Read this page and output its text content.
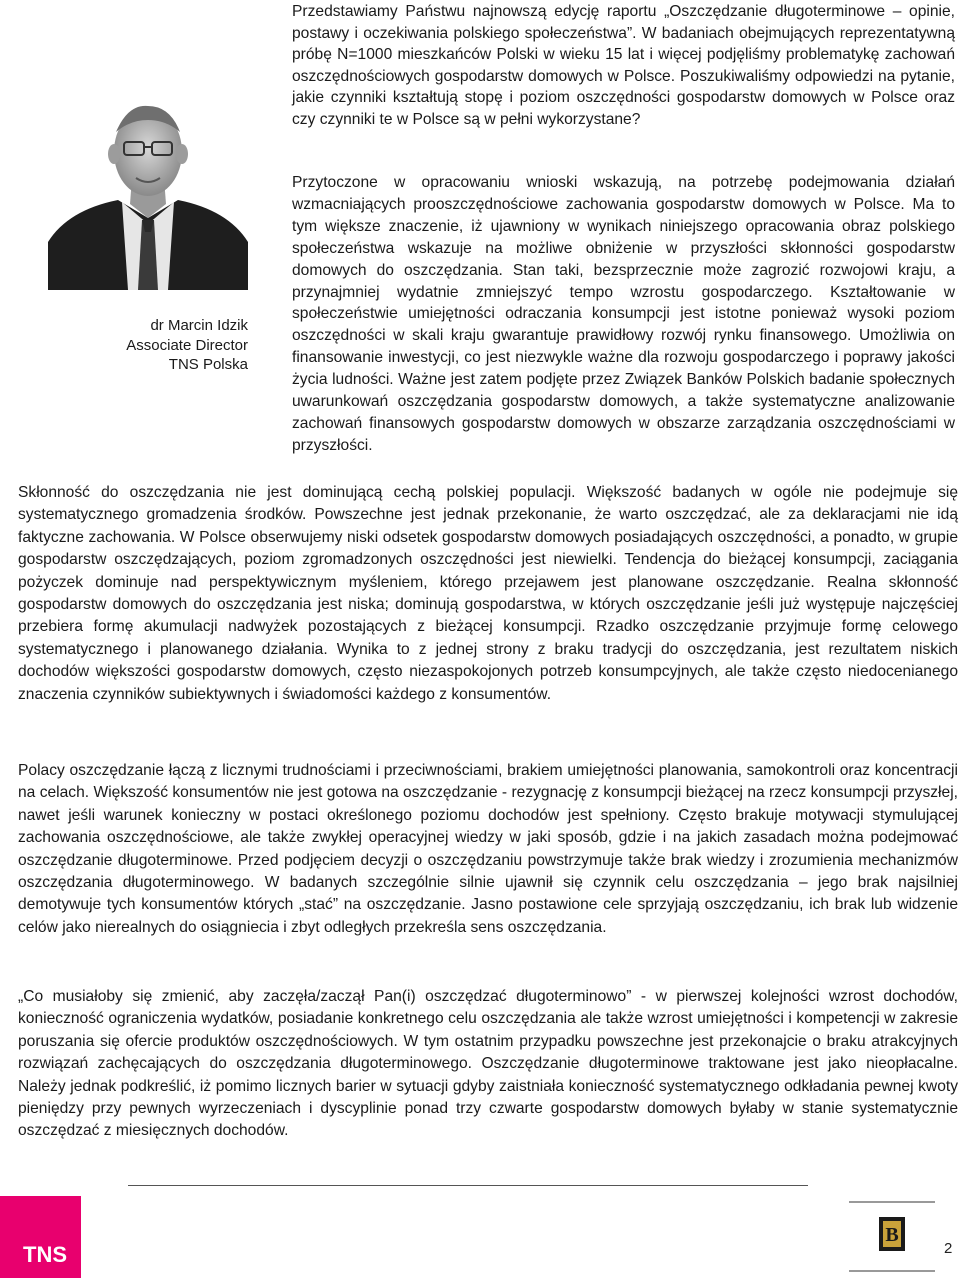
dr Marcin Idzik
Associate Director
TNS Polska
Przedstawiamy Państwu najnowszą edycję raportu „Oszczędzanie długoterminowe – opinie, postawy i oczekiwania polskiego społeczeństwa”. W badaniach obejmujących reprezentatywną próbę N=1000 mieszkańców Polski w wieku 15 lat i więcej podjęliśmy problematykę zachowań oszczędnościowych gospodarstw domowych w Polsce. Poszukiwaliśmy odpowiedzi na pytanie, jakie czynniki kształtują stopę i poziom oszczędności gospodarstw domowych w Polsce oraz czy czynniki te w Polsce są w pełni wykorzystane?
Przytoczone w opracowaniu wnioski wskazują, na potrzebę podejmowania działań wzmacniających prooszczędnościowe zachowania gospodarstw domowych w Polsce. Ma to tym większe znaczenie, iż ujawniony w wynikach niniejszego opracowania obraz polskiego społeczeństwa wskazuje na możliwe obniżenie w przyszłości skłonności gospodarstw domowych do oszczędzania. Stan taki, bezsprzecznie może zagrozić rozwojowi kraju, a przynajmniej wydatnie zmniejszyć tempo wzrostu gospodarczego. Kształtowanie w społeczeństwie umiejętności odraczania konsumpcji jest istotne ponieważ wysoki poziom oszczędności w skali kraju gwarantuje prawidłowy rozwój rynku finansowego. Umożliwia on finansowanie inwestycji, co jest niezwykle ważne dla rozwoju gospodarczego i poprawy jakości życia ludności. Ważne jest zatem podjęte przez Związek Banków Polskich badanie społecznych uwarunkowań oszczędzania gospodarstw domowych, a także systematyczne analizowanie zachowań finansowych gospodarstw domowych w obszarze zarządzania oszczędnościami w przyszłości.
Skłonność do oszczędzania nie jest dominującą cechą polskiej populacji. Większość badanych w ogóle nie podejmuje się systematycznego gromadzenia środków. Powszechne jest jednak przekonanie, że warto oszczędzać, ale za deklaracjami nie idą faktyczne zachowania. W Polsce obserwujemy niski odsetek gospodarstw domowych posiadających oszczędności, a ponadto, w grupie gospodarstw oszczędzających, poziom zgromadzonych oszczędności jest niewielki. Tendencja do bieżącej konsumpcji, zaciągania pożyczek dominuje nad perspektywicznym myśleniem, którego przejawem jest planowane oszczędzanie. Realna skłonność gospodarstw domowych do oszczędzania jest niska; dominują gospodarstwa, w których oszczędzanie jeśli już występuje najczęściej przebiera formę akumulacji nadwyżek pozostających z bieżącej konsumpcji. Rzadko oszczędzanie przyjmuje formę celowego systematycznego i planowanego działania. Wynika to z jednej strony z braku tradycji do oszczędzania, jest rezultatem niskich dochodów większości gospodarstw domowych, często niezaspokojonych potrzeb konsumpcyjnych, ale także często niedocenianego znaczenia czynników subiektywnych i świadomości każdego z konsumentów.
Polacy oszczędzanie łączą z licznymi trudnościami i przeciwnościami, brakiem umiejętności planowania, samokontroli oraz koncentracji na celach. Większość konsumentów nie jest gotowa na oszczędzanie - rezygnację z konsumpcji bieżącej na rzecz konsumpcji przyszłej, nawet jeśli warunek konieczny w postaci określonego poziomu dochodów jest spełniony. Często brakuje motywacji stymulującej zachowania oszczędnościowe, ale także zwykłej operacyjnej wiedzy w jaki sposób, gdzie i na jakich zasadach można podejmować oszczędzanie długoterminowe. Przed podjęciem decyzji o oszczędzaniu powstrzymuje także brak wiedzy i zrozumienia mechanizmów oszczędzania długoterminowego. W badanych szczególnie silnie ujawnił się czynnik celu oszczędzania – jego brak najsilniej demotywuje tych konsumentów których „stać” na oszczędzanie. Jasno postawione cele sprzyjają oszczędzaniu, ich brak lub widzenie celów jako nierealnych do osiągniecia i zbyt odległych przekreśla sens oszczędzania.
„Co musiałoby się zmienić, aby zaczęła/zaczął Pan(i) oszczędzać długoterminowo” - w pierwszej kolejności wzrost dochodów, konieczność ograniczenia wydatków, posiadanie konkretnego celu oszczędzania ale także wzrost umiejętności i kompetencji w zakresie poruszania się ofercie produktów oszczędnościowych. W tym ostatnim przypadku powszechne jest przekonajcie o braku atrakcyjnych rozwiązań zachęcających do oszczędzania długoterminowego. Oszczędzanie długoterminowe traktowane jest jako nieopłacalne. Należy jednak podkreślić, iż pomimo licznych barier w sytuacji gdyby zaistniała konieczność systematycznego odkładania pewnej kwoty pieniędzy przy pewnych wyrzeczeniach i dyscyplinie ponad trzy czwarte gospodarstw domowych byłaby w stanie systematycznie oszczędzać z miesięcznych dochodów.
TNS
B
2
